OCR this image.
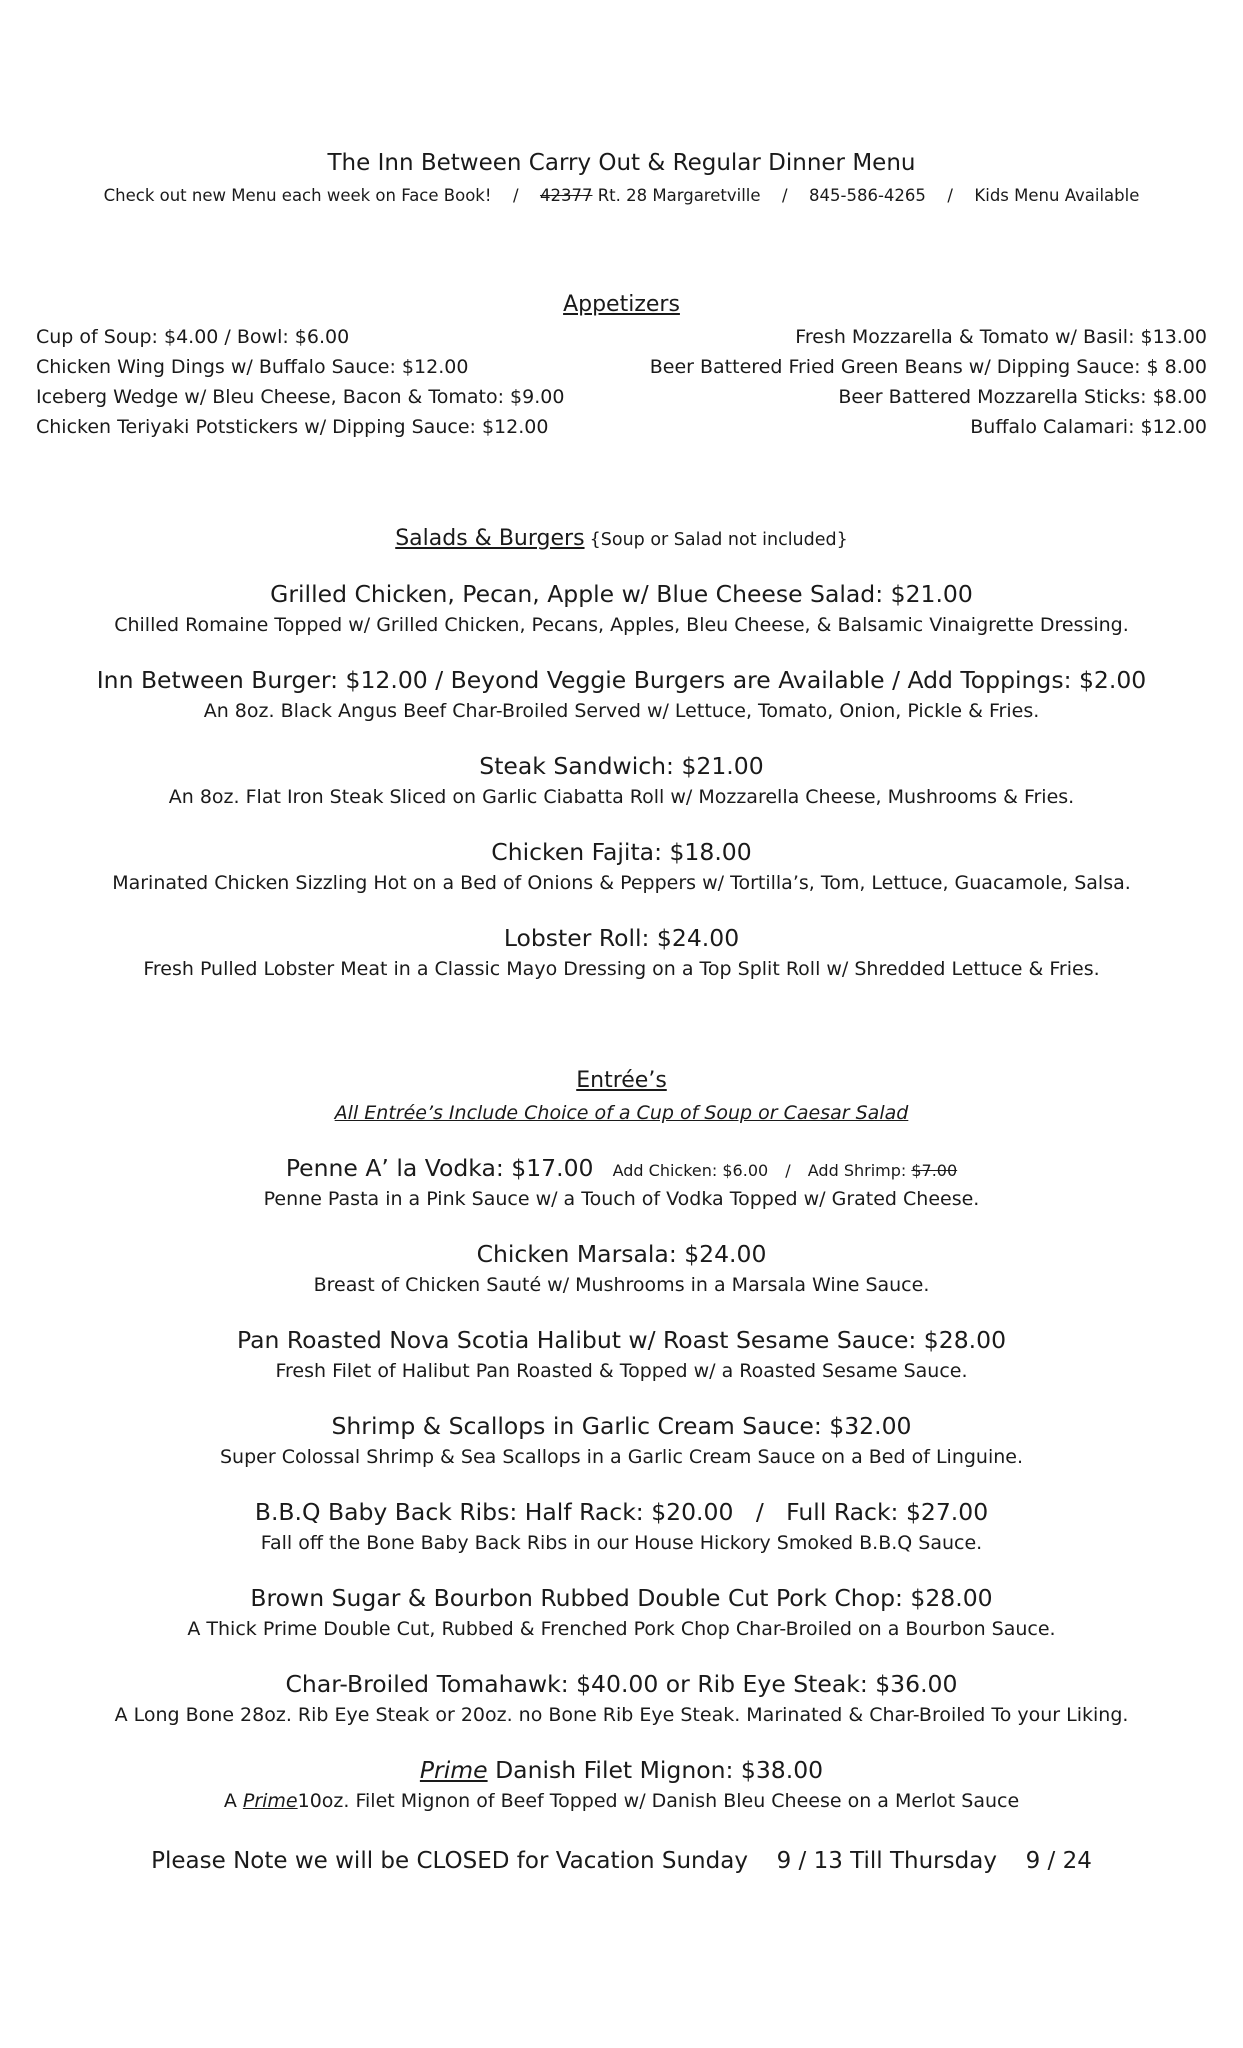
The Inn Between Carry Out & Regular Dinner Menu
Check out new Menu each week on Face Book! / 42377 Rt. 28 Margaretville / 845-586-4265 / Kids Menu Available
Appetizers
Cup of Soup: $4.00 / Bowl: $6.00
Chicken Wing Dings w/ Buffalo Sauce: $12.00
Iceberg Wedge w/ Bleu Cheese, Bacon & Tomato: $9.00
Chicken Teriyaki Potstickers w/ Dipping Sauce: $12.00
Fresh Mozzarella & Tomato w/ Basil: $13.00
Beer Battered Fried Green Beans w/ Dipping Sauce: $ 8.00
Beer Battered Mozzarella Sticks: $8.00
Buffalo Calamari: $12.00
Salads & Burgers {Soup or Salad not included}
Grilled Chicken, Pecan, Apple w/ Blue Cheese Salad: $21.00
Chilled Romaine Topped w/ Grilled Chicken, Pecans, Apples, Bleu Cheese, & Balsamic Vinaigrette Dressing.
Inn Between Burger: $12.00 / Beyond Veggie Burgers are Available / Add Toppings: $2.00
An 8oz. Black Angus Beef Char-Broiled Served w/ Lettuce, Tomato, Onion, Pickle & Fries.
Steak Sandwich: $21.00
An 8oz. Flat Iron Steak Sliced on Garlic Ciabatta Roll w/ Mozzarella Cheese, Mushrooms & Fries.
Chicken Fajita: $18.00
Marinated Chicken Sizzling Hot on a Bed of Onions & Peppers w/ Tortilla’s, Tom, Lettuce, Guacamole, Salsa.
Lobster Roll: $24.00
Fresh Pulled Lobster Meat in a Classic Mayo Dressing on a Top Split Roll w/ Shredded Lettuce & Fries.
Entrée’s
All Entrée’s Include Choice of a Cup of Soup or Caesar Salad
Penne A’ la Vodka: $17.00 Add Chicken: $6.00 / Add Shrimp: $7.00
Penne Pasta in a Pink Sauce w/ a Touch of Vodka Topped w/ Grated Cheese.
Chicken Marsala: $24.00
Breast of Chicken Sauté w/ Mushrooms in a Marsala Wine Sauce.
Pan Roasted Nova Scotia Halibut w/ Roast Sesame Sauce: $28.00
Fresh Filet of Halibut Pan Roasted & Topped w/ a Roasted Sesame Sauce.
Shrimp & Scallops in Garlic Cream Sauce: $32.00
Super Colossal Shrimp & Sea Scallops in a Garlic Cream Sauce on a Bed of Linguine.
B.B.Q Baby Back Ribs: Half Rack: $20.00   /   Full Rack: $27.00
Fall off the Bone Baby Back Ribs in our House Hickory Smoked B.B.Q Sauce.
Brown Sugar & Bourbon Rubbed Double Cut Pork Chop: $28.00
A Thick Prime Double Cut, Rubbed & Frenched Pork Chop Char-Broiled on a Bourbon Sauce.
Char-Broiled Tomahawk: $40.00 or Rib Eye Steak: $36.00
A Long Bone 28oz. Rib Eye Steak or 20oz. no Bone Rib Eye Steak. Marinated & Char-Broiled To your Liking.
Prime Danish Filet Mignon: $38.00
A Prime10oz. Filet Mignon of Beef Topped w/ Danish Bleu Cheese on a Merlot Sauce
Please Note we will be CLOSED for Vacation Sunday 9 / 13 Till Thursday 9 / 24
